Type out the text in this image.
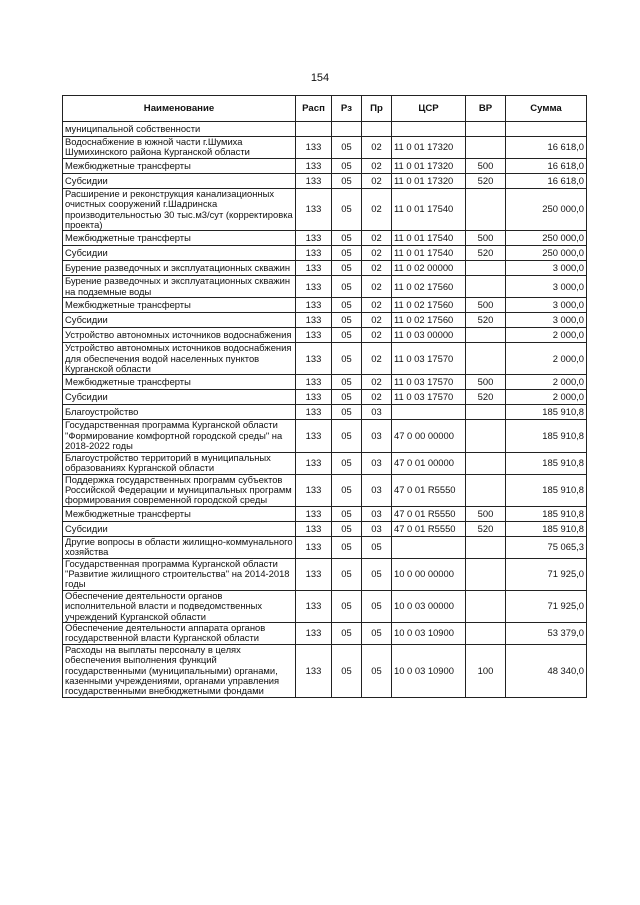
154
Наименование	Расп	Рз	Пр	ЦСР	ВР	Сумма
муниципальной собственности						
Водоснабжение в южной части г.Шумиха Шумихинского района Курганской области	133	05	02	11 0 01 17320		16 618,0
Межбюджетные трансферты	133	05	02	11 0 01 17320	500	16 618,0
Субсидии	133	05	02	11 0 01 17320	520	16 618,0
Расширение и реконструкция канализационных очистных сооружений г.Шадринска производительностью 30 тыс.м3/сут (корректировка проекта)	133	05	02	11 0 01 17540		250 000,0
Межбюджетные трансферты	133	05	02	11 0 01 17540	500	250 000,0
Субсидии	133	05	02	11 0 01 17540	520	250 000,0
Бурение разведочных и эксплуатационных скважин	133	05	02	11 0 02 00000		3 000,0
Бурение разведочных и эксплуатационных скважин на подземные воды	133	05	02	11 0 02 17560		3 000,0
Межбюджетные трансферты	133	05	02	11 0 02 17560	500	3 000,0
Субсидии	133	05	02	11 0 02 17560	520	3 000,0
Устройство автономных источников водоснабжения	133	05	02	11 0 03 00000		2 000,0
Устройство автономных источников водоснабжения для обеспечения водой населенных пунктов Курганской области	133	05	02	11 0 03 17570		2 000,0
Межбюджетные трансферты	133	05	02	11 0 03 17570	500	2 000,0
Субсидии	133	05	02	11 0 03 17570	520	2 000,0
Благоустройство	133	05	03			185 910,8
Государственная программа Курганской области "Формирование комфортной городской среды" на 2018-2022 годы	133	05	03	47 0 00 00000		185 910,8
Благоустройство территорий в муниципальных образованиях Курганской области	133	05	03	47 0 01 00000		185 910,8
Поддержка государственных программ субъектов Российской Федерации и муниципальных программ формирования современной городской среды	133	05	03	47 0 01 R5550		185 910,8
Межбюджетные трансферты	133	05	03	47 0 01 R5550	500	185 910,8
Субсидии	133	05	03	47 0 01 R5550	520	185 910,8
Другие вопросы в области жилищно-коммунального хозяйства	133	05	05			75 065,3
Государственная программа Курганской области "Развитие жилищного строительства" на 2014-2018 годы	133	05	05	10 0 00 00000		71 925,0
Обеспечение деятельности органов исполнительной власти и подведомственных учреждений Курганской области	133	05	05	10 0 03 00000		71 925,0
Обеспечение деятельности аппарата органов государственной власти Курганской области	133	05	05	10 0 03 10900		53 379,0
Расходы на выплаты персоналу в целях обеспечения выполнения функций государственными (муниципальными) органами, казенными учреждениями, органами управления государственными внебюджетными фондами	133	05	05	10 0 03 10900	100	48 340,0
